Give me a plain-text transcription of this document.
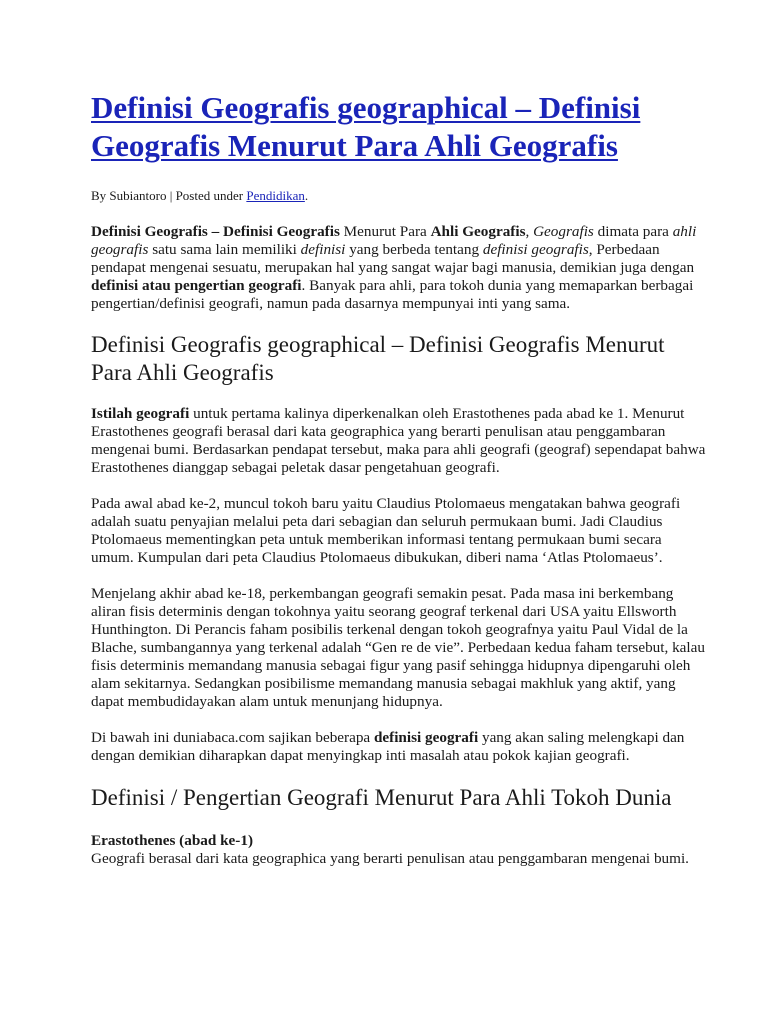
Definisi Geografis geographical – Definisi Geografis Menurut Para Ahli Geografis
By Subiantoro | Posted under Pendidikan.

Definisi Geografis – Definisi Geografis Menurut Para Ahli Geografis, Geografis dimata para ahli geografis satu sama lain memiliki definisi yang berbeda tentang definisi geografis, Perbedaan pendapat mengenai sesuatu, merupakan hal yang sangat wajar bagi manusia, demikian juga dengan definisi atau pengertian geografi. Banyak para ahli, para tokoh dunia yang memaparkan berbagai pengertian/definisi geografi, namun pada dasarnya mempunyai inti yang sama.

Definisi Geografis geographical – Definisi Geografis Menurut Para Ahli Geografis

Istilah geografi untuk pertama kalinya diperkenalkan oleh Erastothenes pada abad ke 1. Menurut Erastothenes geografi berasal dari kata geographica yang berarti penulisan atau penggambaran mengenai bumi. Berdasarkan pendapat tersebut, maka para ahli geografi (geograf) sependapat bahwa Erastothenes dianggap sebagai peletak dasar pengetahuan geografi.

Pada awal abad ke-2, muncul tokoh baru yaitu Claudius Ptolomaeus mengatakan bahwa geografi adalah suatu penyajian melalui peta dari sebagian dan seluruh permukaan bumi. Jadi Claudius Ptolomaeus mementingkan peta untuk memberikan informasi tentang permukaan bumi secara umum. Kumpulan dari peta Claudius Ptolomaeus dibukukan, diberi nama ‘Atlas Ptolomaeus’.

Menjelang akhir abad ke-18, perkembangan geografi semakin pesat. Pada masa ini berkembang aliran fisis determinis dengan tokohnya yaitu seorang geograf terkenal dari USA yaitu Ellsworth Hunthington. Di Perancis faham posibilis terkenal dengan tokoh geografnya yaitu Paul Vidal de la Blache, sumbangannya yang terkenal adalah “Gen re de vie”. Perbedaan kedua faham tersebut, kalau fisis determinis memandang manusia sebagai figur yang pasif sehingga hidupnya dipengaruhi oleh alam sekitarnya. Sedangkan posibilisme memandang manusia sebagai makhluk yang aktif, yang dapat membudidayakan alam untuk menunjang hidupnya.

Di bawah ini duniabaca.com sajikan beberapa definisi geografi yang akan saling melengkapi dan dengan demikian diharapkan dapat menyingkap inti masalah atau pokok kajian geografi.

Definisi / Pengertian Geografi Menurut Para Ahli Tokoh Dunia
Erastothenes (abad ke-1)

Geografi berasal dari kata geographica yang berarti penulisan atau penggambaran mengenai bumi.
